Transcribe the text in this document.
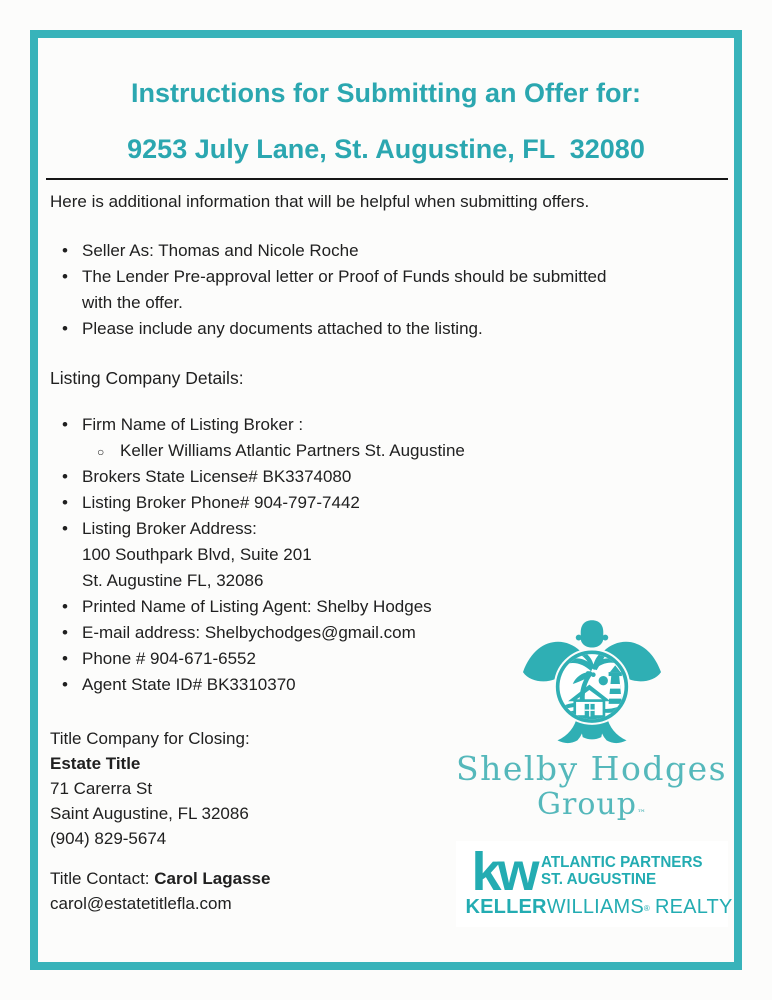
Instructions for Submitting an Offer for:
9253 July Lane, St. Augustine, FL  32080

Here is additional information that will be helpful when submitting offers.

• Seller As: Thomas and Nicole Roche
• The Lender Pre-approval letter or Proof of Funds should be submitted
with the offer.
• Please include any documents attached to the listing.
Listing Company Details:
• Firm Name of Listing Broker :
○ Keller Williams Atlantic Partners St. Augustine
• Brokers State License# BK3374080
• Listing Broker Phone# 904-797-7442
• Listing Broker Address:
100 Southpark Blvd, Suite 201
St. Augustine FL, 32086
• Printed Name of Listing Agent: Shelby Hodges
• E-mail address: Shelbychodges@gmail.com
• Phone # 904-671-6552
• Agent State ID# BK3310370
Title Company for Closing:
Estate Title
71 Carerra St
Saint Augustine, FL 32086
(904) 829-5674
Title Contact: Carol Lagasse
carol@estatetitlefla.com
Shelby Hodges
Group™
kw ATLANTIC PARTNERS
ST. AUGUSTINE
KELLERWILLIAMS® REALTY
